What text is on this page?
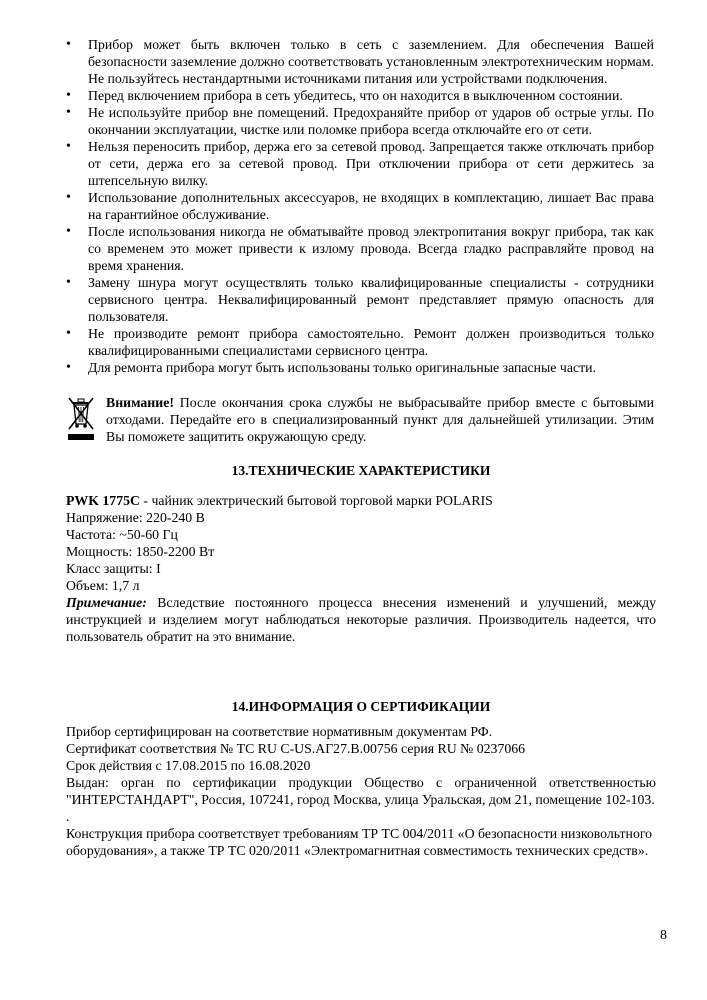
• Прибор может быть включен только в сеть с заземлением. Для обеспечения Вашей безопасности заземление должно соответствовать установленным электротехническим нормам. Не пользуйтесь нестандартными источниками питания или устройствами подключения.
• Перед включением прибора в сеть убедитесь, что он находится в выключенном состоянии.
• Не используйте прибор вне помещений. Предохраняйте прибор от ударов об острые углы. По окончании эксплуатации, чистке или поломке прибора всегда отключайте его от сети.
• Нельзя переносить прибор, держа его за сетевой провод. Запрещается также отключать прибор от сети, держа его за сетевой провод. При отключении прибора от сети держитесь за штепсельную вилку.
• Использование дополнительных аксессуаров, не входящих в комплектацию, лишает Вас права на гарантийное обслуживание.
• После использования никогда не обматывайте провод электропитания вокруг прибора, так как со временем это может привести к излому провода. Всегда гладко расправляйте провод на время хранения.
• Замену шнура могут осуществлять только квалифицированные специалисты - сотрудники сервисного центра. Неквалифицированный ремонт представляет прямую опасность для пользователя.
• Не производите ремонт прибора самостоятельно. Ремонт должен производиться только квалифицированными специалистами сервисного центра.
• Для ремонта прибора могут быть использованы только оригинальные запасные части.
Внимание! После окончания срока службы не выбрасывайте прибор вместе с бытовыми отходами. Передайте его в специализированный пункт для дальнейшей утилизации. Этим Вы поможете защитить окружающую среду.
13.ТЕХНИЧЕСКИЕ ХАРАКТЕРИСТИКИ
PWK 1775C - чайник электрический бытовой торговой марки POLARIS
Напряжение: 220-240 В
Частота: ~50-60 Гц
Мощность: 1850-2200 Вт
Класс защиты: I
Объем: 1,7 л
Примечание: Вследствие постоянного процесса внесения изменений и улучшений, между инструкцией и изделием могут наблюдаться некоторые различия. Производитель надеется, что пользователь обратит на это внимание.
14.ИНФОРМАЦИЯ О СЕРТИФИКАЦИИ
Прибор сертифицирован на соответствие нормативным документам РФ.
Сертификат соответствия № ТС RU C-US.АГ27.В.00756 серия RU № 0237066
Срок действия с 17.08.2015 по 16.08.2020
Выдан: орган по сертификации продукции Общество с ограниченной ответственностью "ИНТЕРСТАНДАРТ", Россия, 107241, город Москва, улица Уральская, дом 21, помещение 102-103.
.
Конструкция прибора соответствует требованиям ТР ТС 004/2011 «О безопасности низковольтного оборудования», а также ТР ТС 020/2011 «Электромагнитная совместимость технических средств».
8
